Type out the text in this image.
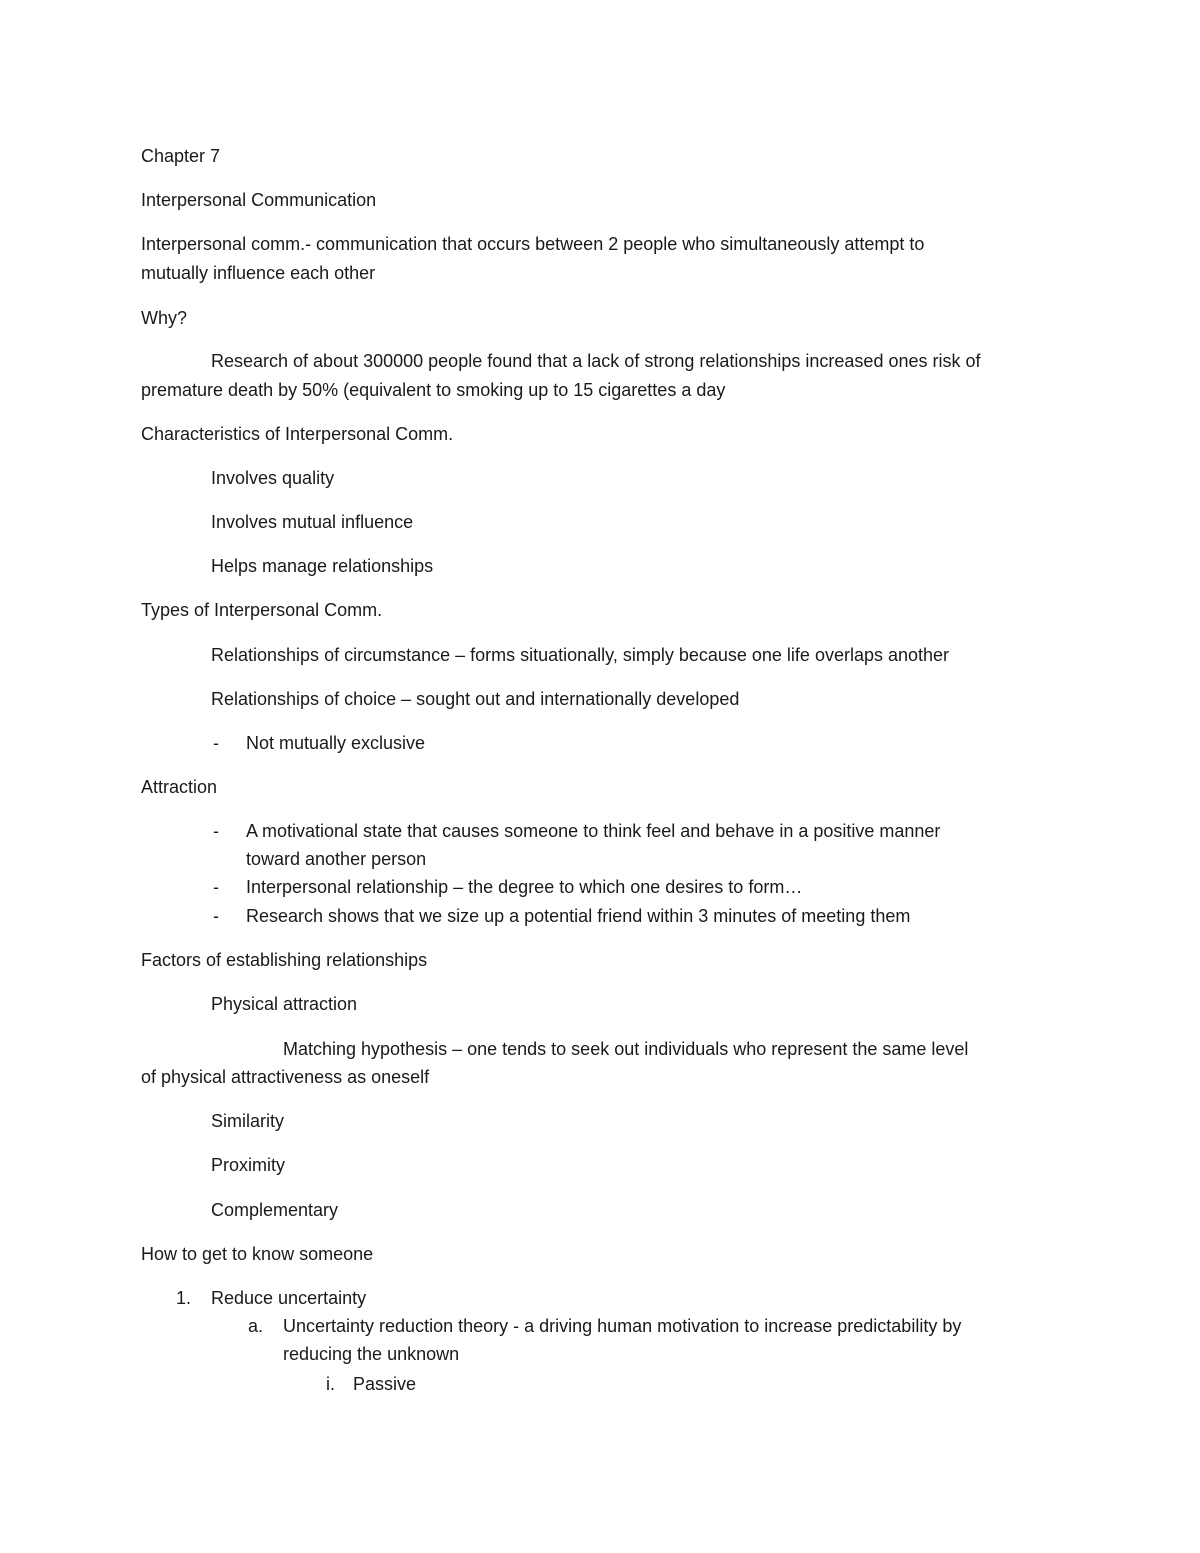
Chapter 7

Interpersonal Communication

Interpersonal comm.- communication that occurs between 2 people who simultaneously attempt to

mutually influence each other

Why?

Research of about 300000 people found that a lack of strong relationships increased ones risk of

premature death by 50% (equivalent to smoking up to 15 cigarettes a day

Characteristics of Interpersonal Comm.

Involves quality

Involves mutual influence

Helps manage relationships

Types of Interpersonal Comm.

Relationships of circumstance – forms situationally, simply because one life overlaps another

Relationships of choice – sought out and internationally developed

- Not mutually exclusive

Attraction

- A motivational state that causes someone to think feel and behave in a positive manner

toward another person

- Interpersonal relationship – the degree to which one desires to form…

- Research shows that we size up a potential friend within 3 minutes of meeting them

Factors of establishing relationships

Physical attraction

Matching hypothesis – one tends to seek out individuals who represent the same level

of physical attractiveness as oneself

Similarity

Proximity

Complementary

How to get to know someone

1. Reduce uncertainty

a. Uncertainty reduction theory - a driving human motivation to increase predictability by

reducing the unknown

i. Passive
